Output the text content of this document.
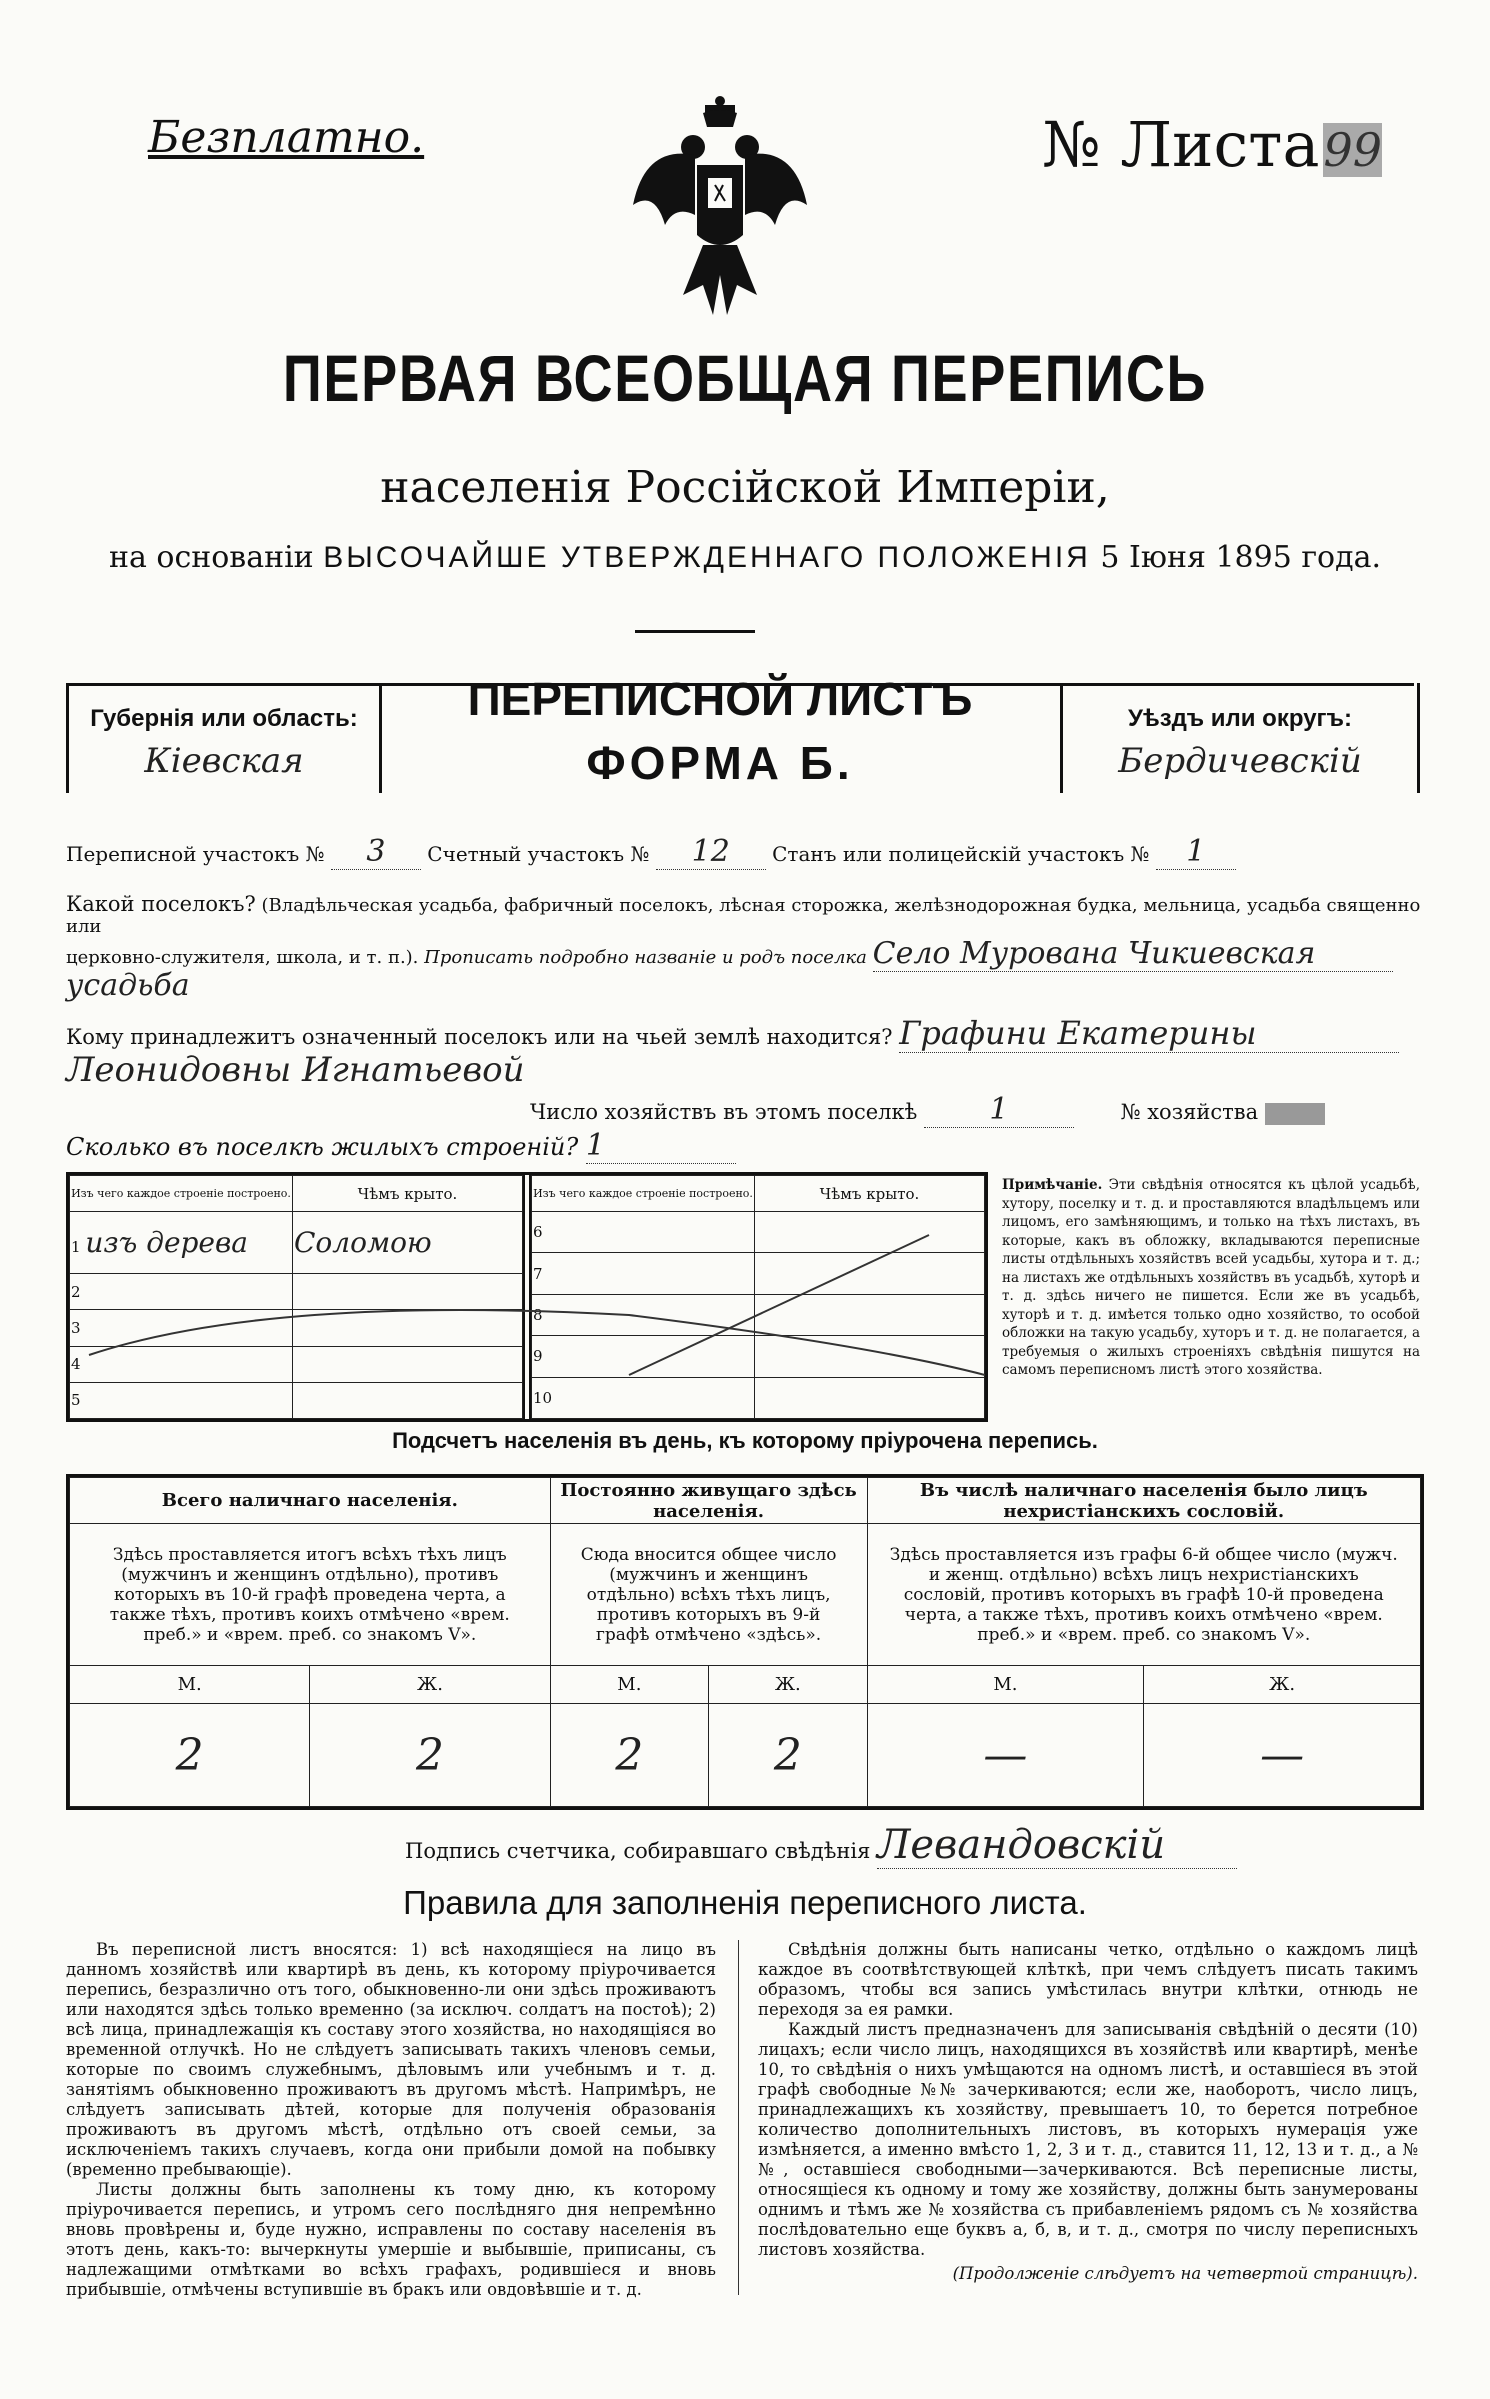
Безплатно.	№ Листа99
ПЕРВАЯ ВСЕОБЩАЯ ПЕРЕПИСЬ
населенія Россійской Имперіи,
на основаніи ВЫСОЧАЙШЕ УТВЕРЖДЕННАГО ПОЛОЖЕНІЯ 5 Іюня 1895 года.
Губернія или область:
Кіевская
Уѣздъ или округъ:
Бердичевскій
ПЕРЕПИСНОЙ ЛИСТЪ
ФОРМА Б.
Переписной участокъ № 3 Счетный участокъ № 12 Станъ или полицейскій участокъ № 1
Какой поселокъ? (Владѣльческая усадьба, фабричный поселокъ, лѣсная сторожка, желѣзнодорожная будка, мельница, усадьба священно или
церковно-служителя, школа, и т. п.). Прописать подробно названіе и родъ поселка Село Мурована Чикиевская
усадьба
Кому принадлежитъ означенный поселокъ или на чьей землѣ находится? Графини Екатерины
Леонидовны Игнатьевой
Число хозяйствъ въ этомъ поселкѣ 1	№ хозяйства
Сколько въ поселкѣ жилыхъ строеній? 1
Изъ чего каждое строеніе построено.	Чѣмъ крыто.
1 изъ дерева	Соломою
2	
3	
4	
5	
Изъ чего каждое строеніе построено.	Чѣмъ крыто.
6	
7	
8	
9	
10	
Примѣчаніе. Эти свѣдѣнія относятся къ цѣлой усадьбѣ, хутору, поселку и т. д. и проставляются владѣльцемъ или лицомъ, его замѣняющимъ, и только на тѣхъ листахъ, въ которые, какъ въ обложку, вкладываются переписные листы отдѣльныхъ хозяйствъ всей усадьбы, хутора и т. д.; на листахъ же отдѣльныхъ хозяйствъ въ усадьбѣ, хуторѣ и т. д. здѣсь ничего не пишется. Если же въ усадьбѣ, хуторѣ и т. д. имѣется только одно хозяйство, то особой обложки на такую усадьбу, хуторъ и т. д. не полагается, а требуемыя о жилыхъ строеніяхъ свѣдѣнія пишутся на самомъ переписномъ листѣ этого хозяйства.
Подсчетъ населенія въ день, къ которому пріурочена перепись.
Всего наличнаго населенія.		Постоянно живущаго здѣсь населенія.		Въ числѣ наличнаго населенія было лицъ нехристіанскихъ сословій.	
Здѣсь проставляется итогъ всѣхъ тѣхъ лицъ (мужчинъ и женщинъ отдѣльно), противъ которыхъ въ 10-й графѣ проведена черта, а также тѣхъ, противъ коихъ отмѣчено «врем. преб.» и «врем. преб. со знакомъ V».		Сюда вносится общее число (мужчинъ и женщинъ отдѣльно) всѣхъ тѣхъ лицъ, противъ которыхъ въ 9-й графѣ отмѣчено «здѣсь».		Здѣсь проставляется изъ графы 6-й общее число (мужч. и женщ. отдѣльно) всѣхъ лицъ нехристіанскихъ сословій, противъ которыхъ въ графѣ 10-й проведена черта, а также тѣхъ, противъ коихъ отмѣчено «врем. преб.» и «врем. преб. со знакомъ V».	
М.	Ж.	М.	Ж.	М.	Ж.
2	2	2	2	—	—
Подпись счетчика, собиравшаго свѣдѣнія Левандовскій
Правила для заполненія переписного листа.

Въ переписной листъ вносятся: 1) всѣ находящіеся на лицо въ данномъ хозяйствѣ или квартирѣ въ день, къ которому пріурочивается перепись, безразлично отъ того, обыкновенно-ли они здѣсь проживаютъ или находятся здѣсь только временно (за исключ. солдатъ на постоѣ); 2) всѣ лица, принадлежащія къ составу этого хозяйства, но находящіяся во временной отлучкѣ. Но не слѣдуетъ записывать такихъ членовъ семьи, которые по своимъ служебнымъ, дѣловымъ или учебнымъ и т. д. занятіямъ обыкновенно проживаютъ въ другомъ мѣстѣ. Напримѣръ, не слѣдуетъ записывать дѣтей, которые для полученія образованія проживаютъ въ другомъ мѣстѣ, отдѣльно отъ своей семьи, за исключеніемъ такихъ случаевъ, когда они прибыли домой на побывку (временно пребывающіе).

Листы должны быть заполнены къ тому дню, къ которому пріурочивается перепись, и утромъ сего послѣдняго дня непремѣнно вновь провѣрены и, буде нужно, исправлены по составу населенія въ этотъ день, какъ-то: вычеркнуты умершіе и выбывшіе, приписаны, съ надлежащими отмѣтками во всѣхъ графахъ, родившіеся и вновь прибывшіе, отмѣчены вступившіе въ бракъ или овдовѣвшіе и т. д.

Свѣдѣнія должны быть написаны четко, отдѣльно о каждомъ лицѣ каждое въ соотвѣтствующей клѣткѣ, при чемъ слѣдуетъ писать такимъ образомъ, чтобы вся запись умѣстилась внутри клѣтки, отнюдь не переходя за ея рамки.

Каждый листъ предназначенъ для записыванія свѣдѣній о десяти (10) лицахъ; если число лицъ, находящихся въ хозяйствѣ или квартирѣ, менѣе 10, то свѣдѣнія о нихъ умѣщаются на одномъ листѣ, и оставшіеся въ этой графѣ свободные №№ зачеркиваются; если же, наоборотъ, число лицъ, принадлежащихъ къ хозяйству, превышаетъ 10, то берется потребное количество дополнительныхъ листовъ, въ которыхъ нумерація уже измѣняется, а именно вмѣсто 1, 2, 3 и т. д., ставится 11, 12, 13 и т. д., а №№, оставшіеся свободными—зачеркиваются. Всѣ переписные листы, относящіеся къ одному и тому же хозяйству, должны быть занумерованы однимъ и тѣмъ же № хозяйства съ прибавленіемъ рядомъ съ № хозяйства послѣдовательно еще буквъ а, б, в, и т. д., смотря по числу переписныхъ листовъ хозяйства.

(Продолженіе слѣдуетъ на четвертой страницѣ).
